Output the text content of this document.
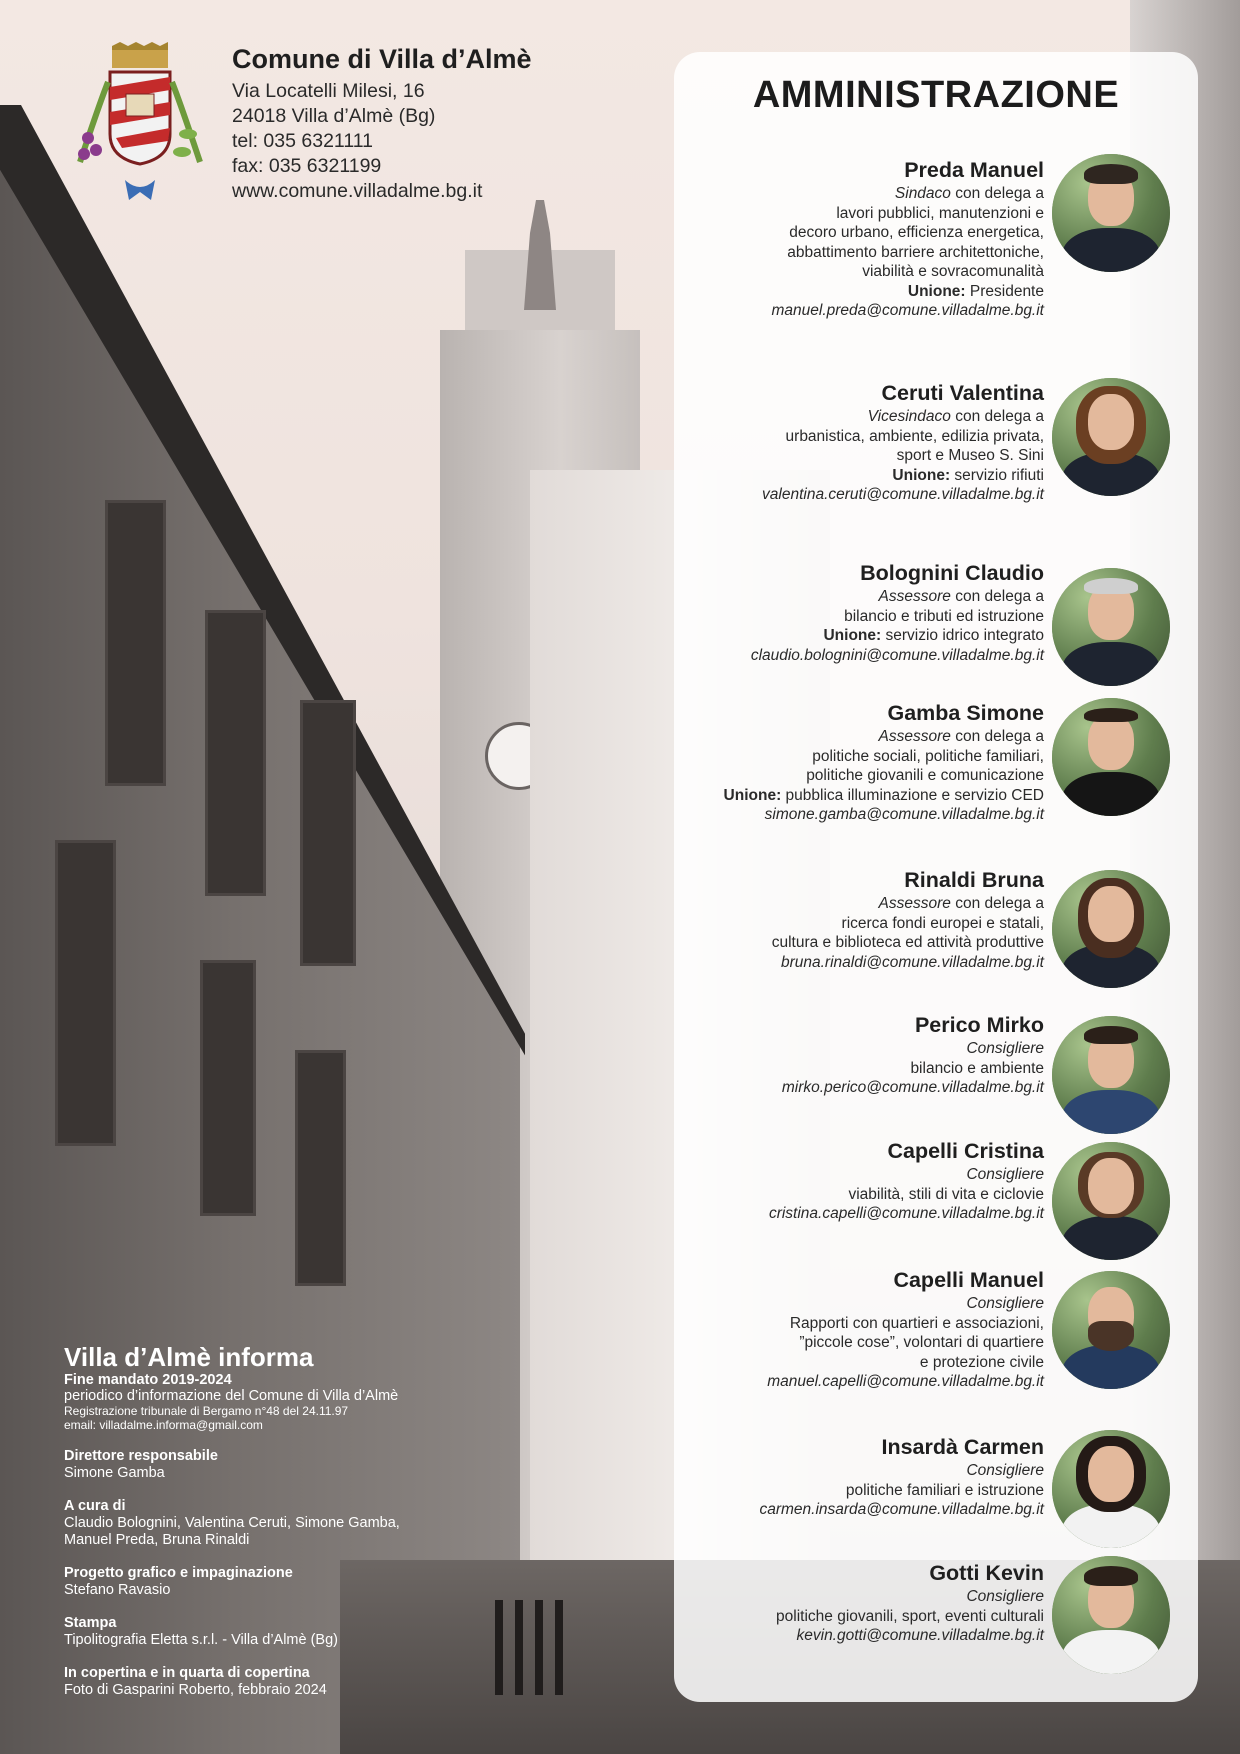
Comune di Villa d’Almè
Via Locatelli Milesi, 16
24018 Villa d’Almè (Bg)
tel: 035 6321111
fax: 035 6321199
www.comune.villadalme.bg.it
AMMINISTRAZIONE
Preda Manuel
Sindaco con delega a
lavori pubblici, manutenzioni e
decoro urbano, efficienza energetica,
abbattimento barriere architettoniche,
viabilità e sovracomunalità
Unione: Presidente
manuel.preda@comune.villadalme.bg.it
Ceruti Valentina
Vicesindaco con delega a
urbanistica, ambiente, edilizia privata,
sport e Museo S. Sini
Unione: servizio rifiuti
valentina.ceruti@comune.villadalme.bg.it
Bolognini Claudio
Assessore con delega a
bilancio e tributi ed istruzione
Unione: servizio idrico integrato
claudio.bolognini@comune.villadalme.bg.it
Gamba Simone
Assessore con delega a
politiche sociali, politiche familiari,
politiche giovanili e comunicazione
Unione: pubblica illuminazione e servizio CED
simone.gamba@comune.villadalme.bg.it
Rinaldi Bruna
Assessore con delega a
ricerca fondi europei e statali,
cultura e biblioteca ed attività produttive
bruna.rinaldi@comune.villadalme.bg.it
Perico Mirko
Consigliere
bilancio e ambiente
mirko.perico@comune.villadalme.bg.it
Capelli Cristina
Consigliere
viabilità, stili di vita e ciclovie
cristina.capelli@comune.villadalme.bg.it
Capelli Manuel
Consigliere
Rapporti con quartieri e associazioni,
”piccole cose”, volontari di quartiere
e protezione civile
manuel.capelli@comune.villadalme.bg.it
Insardà Carmen
Consigliere
politiche familiari e istruzione
carmen.insarda@comune.villadalme.bg.it
Gotti Kevin
Consigliere
politiche giovanili, sport, eventi culturali
kevin.gotti@comune.villadalme.bg.it
Villa d’Almè informa
Fine mandato 2019-2024
periodico d’informazione del Comune di Villa d’Almè
Registrazione tribunale di Bergamo n°48 del 24.11.97
email: villadalme.informa@gmail.com
Direttore responsabile
Simone Gamba
A cura di
Claudio Bolognini, Valentina Ceruti, Simone Gamba,
Manuel Preda, Bruna Rinaldi
Progetto grafico e impaginazione
Stefano Ravasio
Stampa
Tipolitografia Eletta s.r.l. - Villa d’Almè (Bg)
In copertina e in quarta di copertina
Foto di Gasparini Roberto, febbraio 2024
